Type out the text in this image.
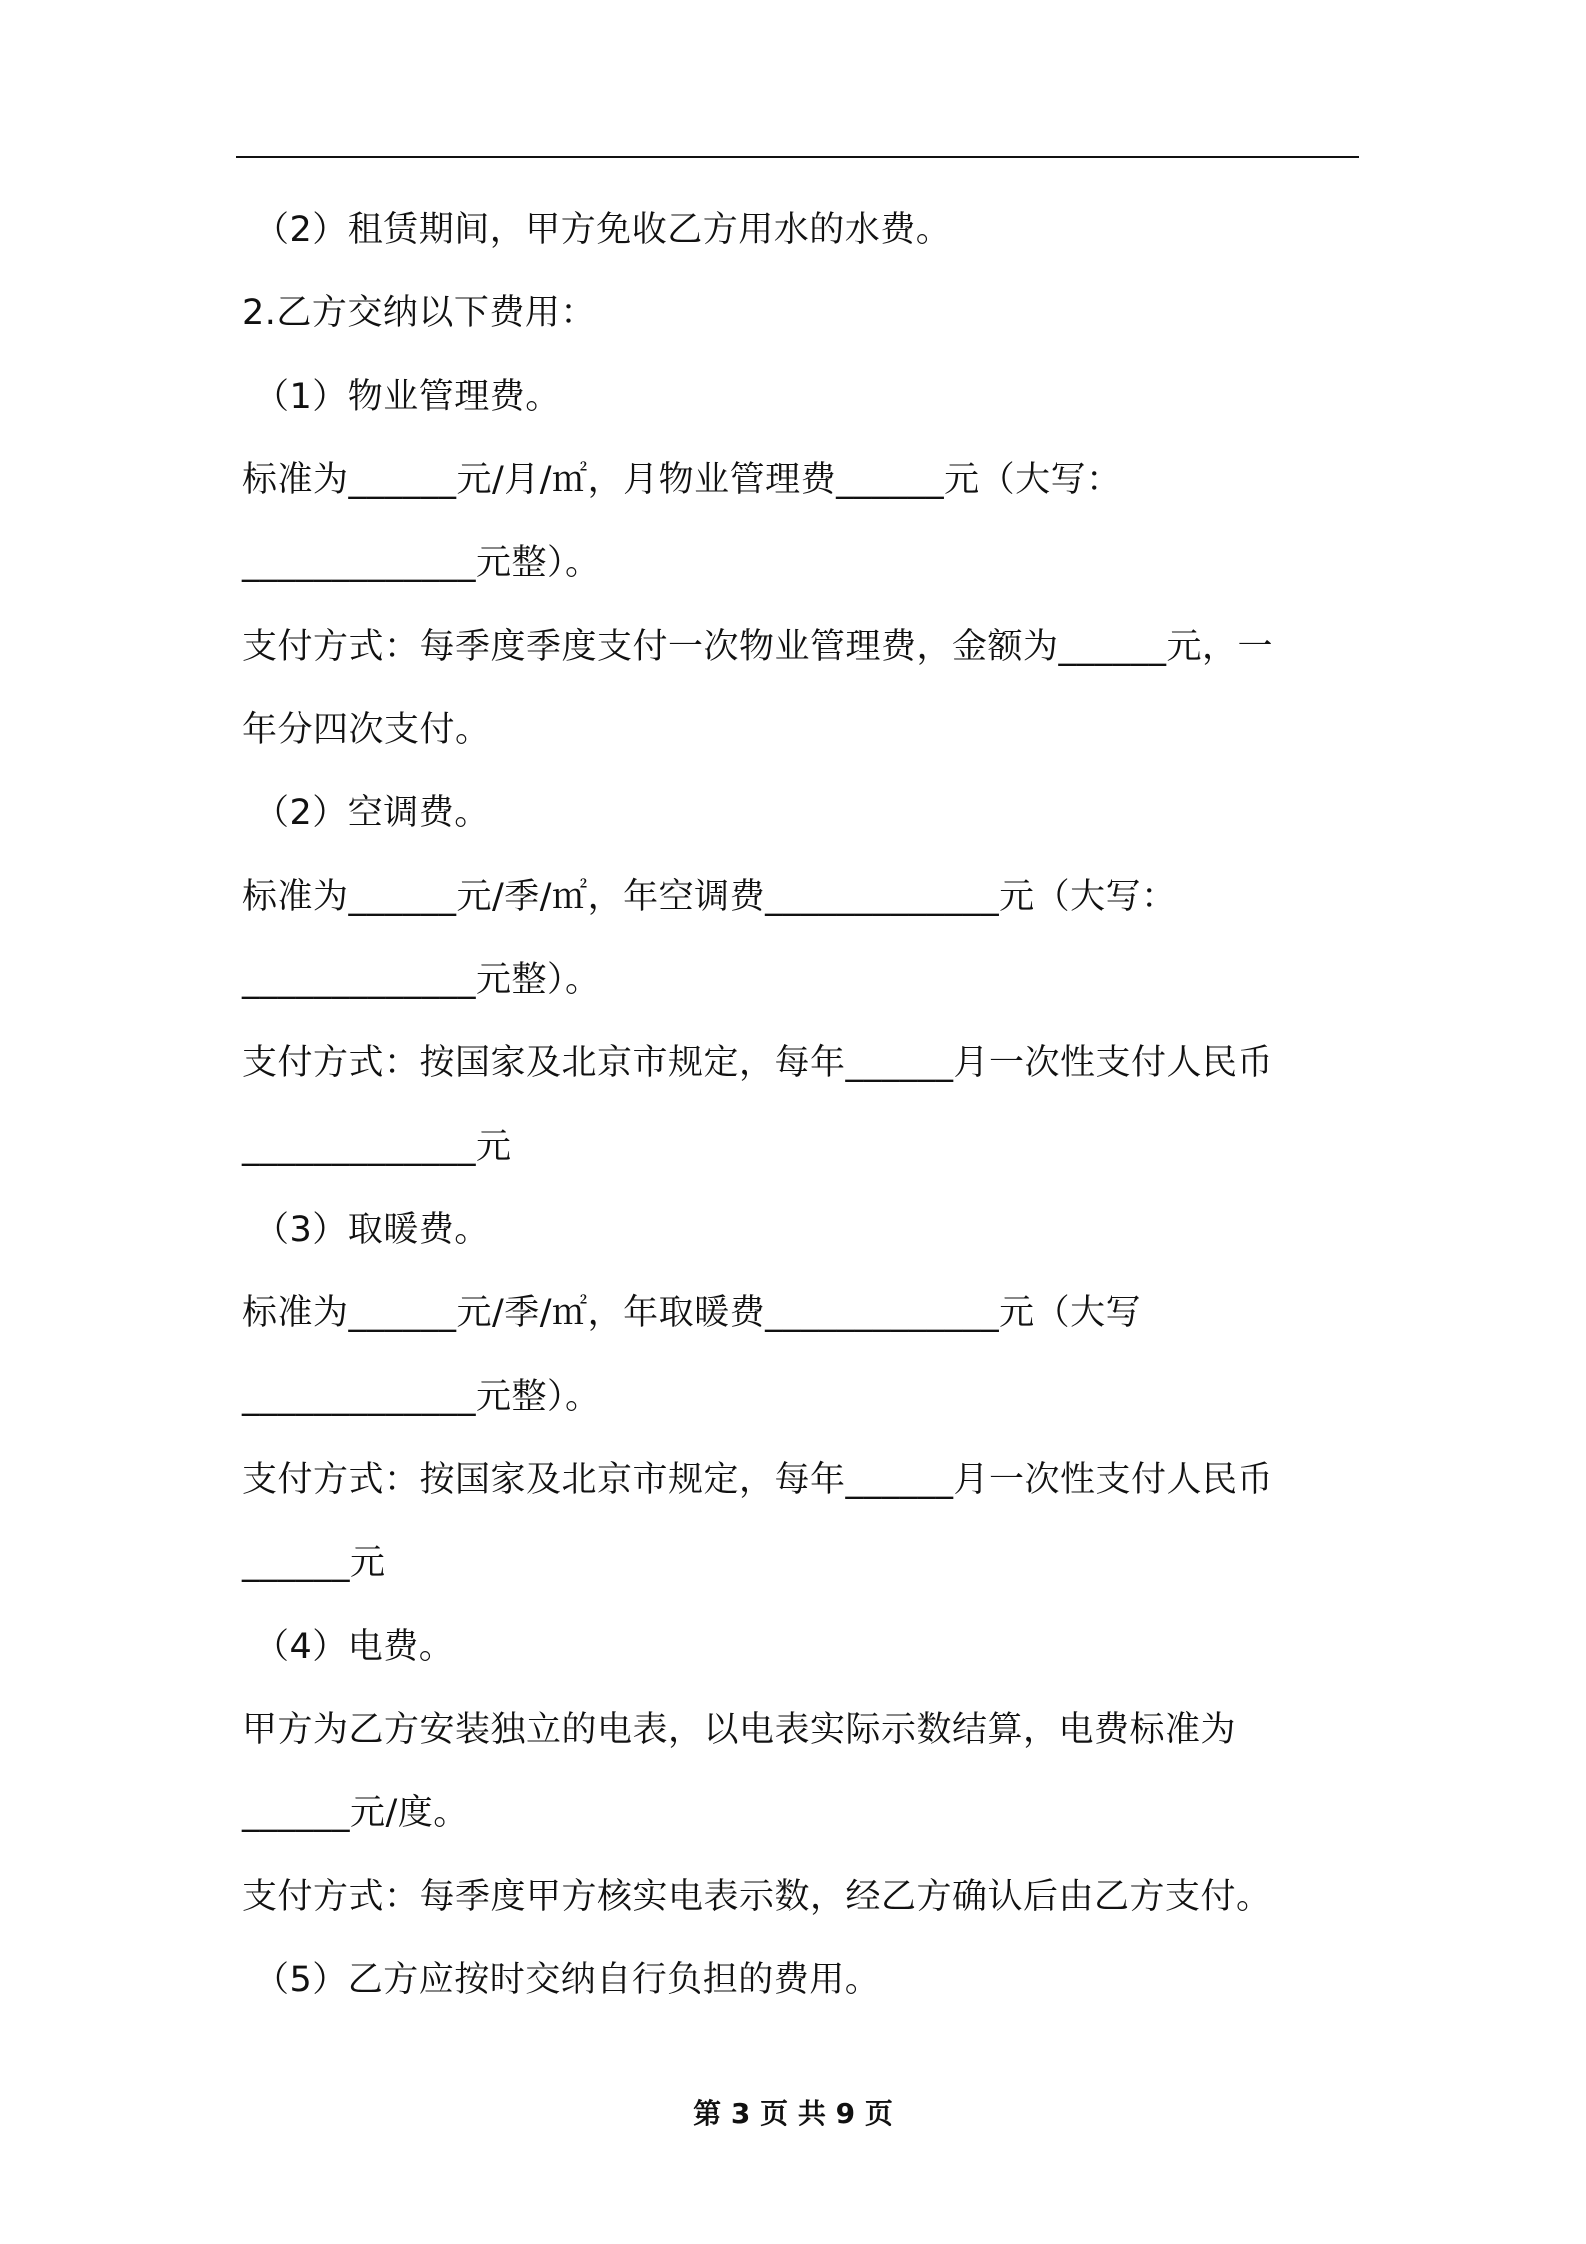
（2）租赁期间，甲方免收乙方用水的水费。
2.乙方交纳以下费用：
（1）物业管理费。
标准为______元/月/㎡，月物业管理费______元（大写：
_____________元整）。
支付方式：每季度季度支付一次物业管理费，金额为______元，一
年分四次支付。
（2）空调费。
标准为______元/季/㎡，年空调费_____________元（大写：
_____________元整）。
支付方式：按国家及北京市规定，每年______月一次性支付人民币
_____________元
（3）取暖费。
标准为______元/季/㎡，年取暖费_____________元（大写
_____________元整）。
支付方式：按国家及北京市规定，每年______月一次性支付人民币
______元
（4）电费。
甲方为乙方安装独立的电表，以电表实际示数结算，电费标准为
______元/度。
支付方式：每季度甲方核实电表示数，经乙方确认后由乙方支付。
（5）乙方应按时交纳自行负担的费用。
第 3 页 共 9 页
